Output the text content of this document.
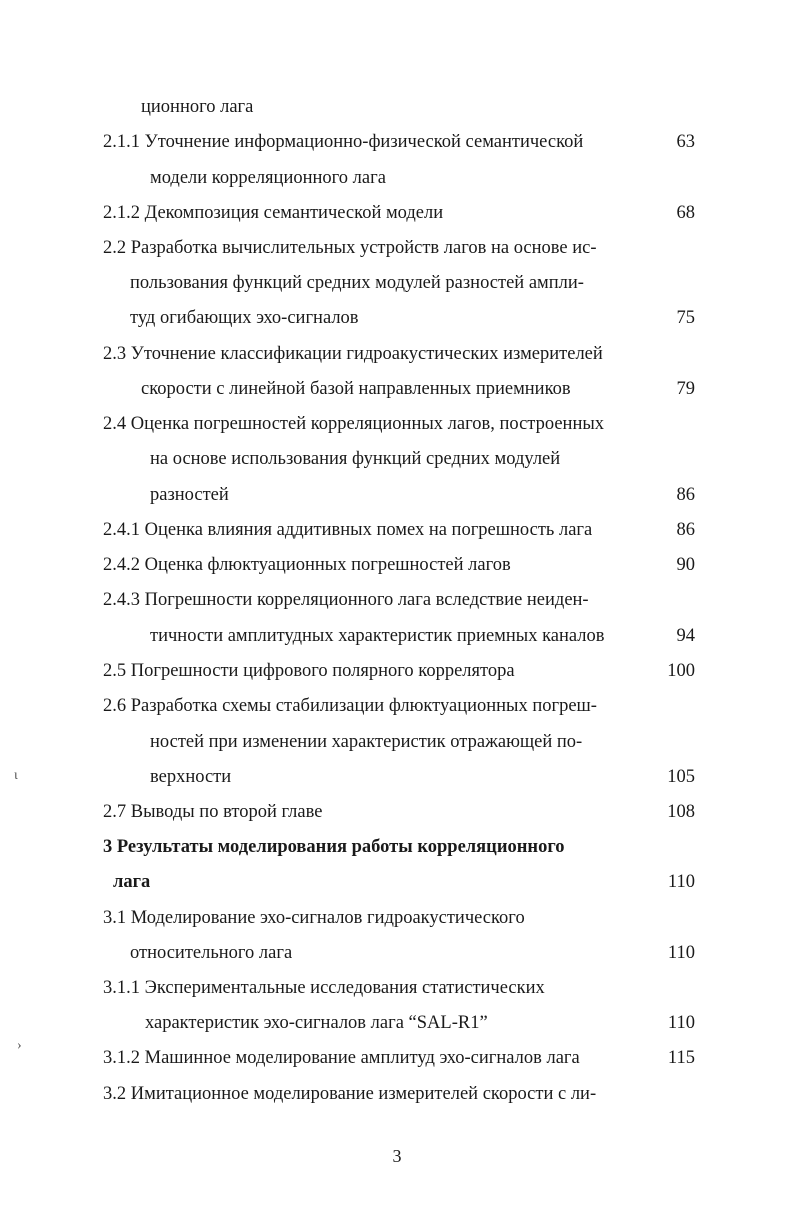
ционного лага
2.1.1 Уточнение информационно-физической семантической	63
модели корреляционного лага
2.1.2 Декомпозиция семантической модели	68
2.2 Разработка вычислительных устройств лагов на основе ис-
пользования функций средних модулей разностей ампли-
туд огибающих эхо-сигналов	75
2.3 Уточнение классификации гидроакустических измерителей
скорости с линейной базой направленных приемников	79
2.4 Оценка погрешностей корреляционных лагов, построенных
на основе использования функций средних модулей
разностей	86
2.4.1 Оценка влияния аддитивных помех на погрешность лага	86
2.4.2 Оценка флюктуационных погрешностей лагов	90
2.4.3 Погрешности корреляционного лага вследствие неиден-
тичности амплитудных характеристик приемных каналов	94
2.5 Погрешности цифрового полярного коррелятора	100
2.6 Разработка схемы стабилизации флюктуационных погреш-
ностей при изменении характеристик отражающей по-
верхности	105
2.7 Выводы по второй главе	108
3 Результаты моделирования работы корреляционного
лага	110
3.1 Моделирование эхо-сигналов гидроакустического
относительного лага	110
3.1.1 Экспериментальные исследования статистических
характеристик эхо-сигналов лага “SAL-R1”	110
3.1.2 Машинное моделирование амплитуд эхо-сигналов лага	115
3.2 Имитационное моделирование измерителей скорости с ли-
3
ɩ
›
